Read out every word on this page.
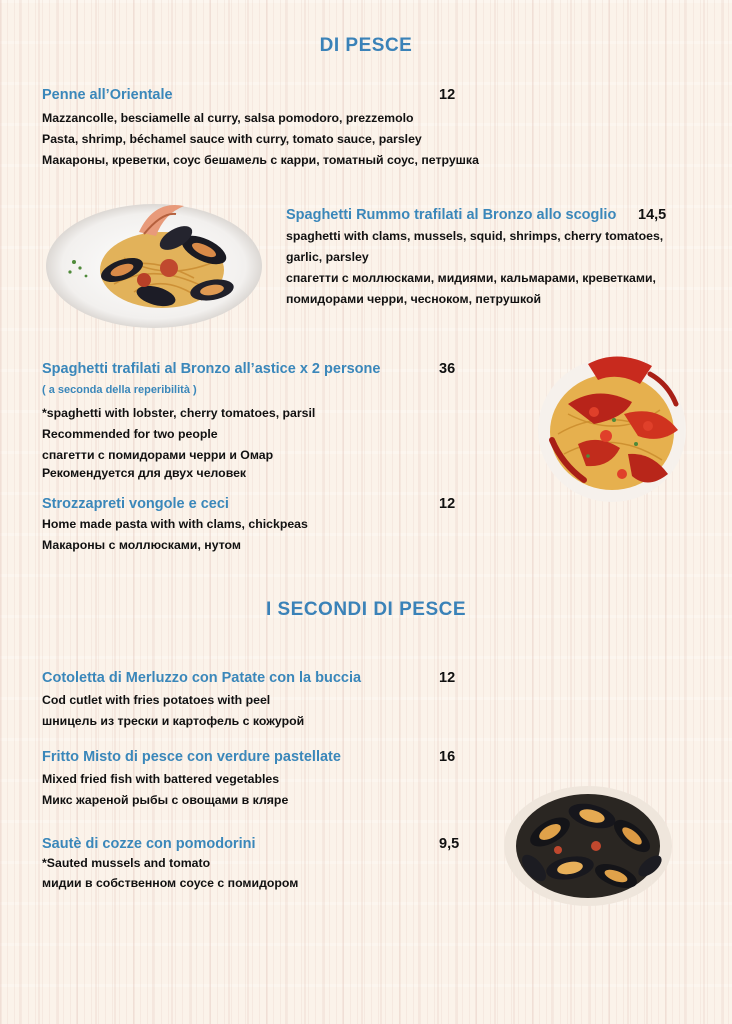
DI PESCE
Penne all’Orientale	12
Mazzancolle, besciamelle al curry, salsa pomodoro, prezzemolo
Pasta, shrimp, béchamel sauce with curry, tomato sauce, parsley
Макароны, креветки, соус бешамель с карри, томатный соус, петрушка
Spaghetti Rummo trafilati al Bronzo allo scoglio 14,5
spaghetti with clams, mussels, squid, shrimps, cherry tomatoes,
garlic, parsley
спагетти с моллюсками, мидиями, кальмарами, креветками,
помидорами черри, чесноком, петрушкой
Spaghetti trafilati al Bronzo all’astice x 2 persone	36
( a seconda della reperibilità )
*spaghetti with lobster, cherry tomatoes, parsil
Recommended for two people
спагетти с помидорами черри и Омар
Рекомендуется для двух человек
Strozzapreti vongole e ceci	12
Home made pasta with with clams, chickpeas
Макароны с моллюсками, нутом
I SECONDI DI PESCE
Cotoletta di Merluzzo con Patate con la buccia	12
Cod cutlet with fries potatoes with peel
шницель из трески и картофель с кожурой
Fritto Misto di pesce con verdure pastellate	16
Mixed fried fish with battered vegetables
Микс жареной рыбы с овощами в кляре
Sautè di cozze con pomodorini	9,5
*Sauted mussels and tomato
мидии в собственном соусе с помидором
